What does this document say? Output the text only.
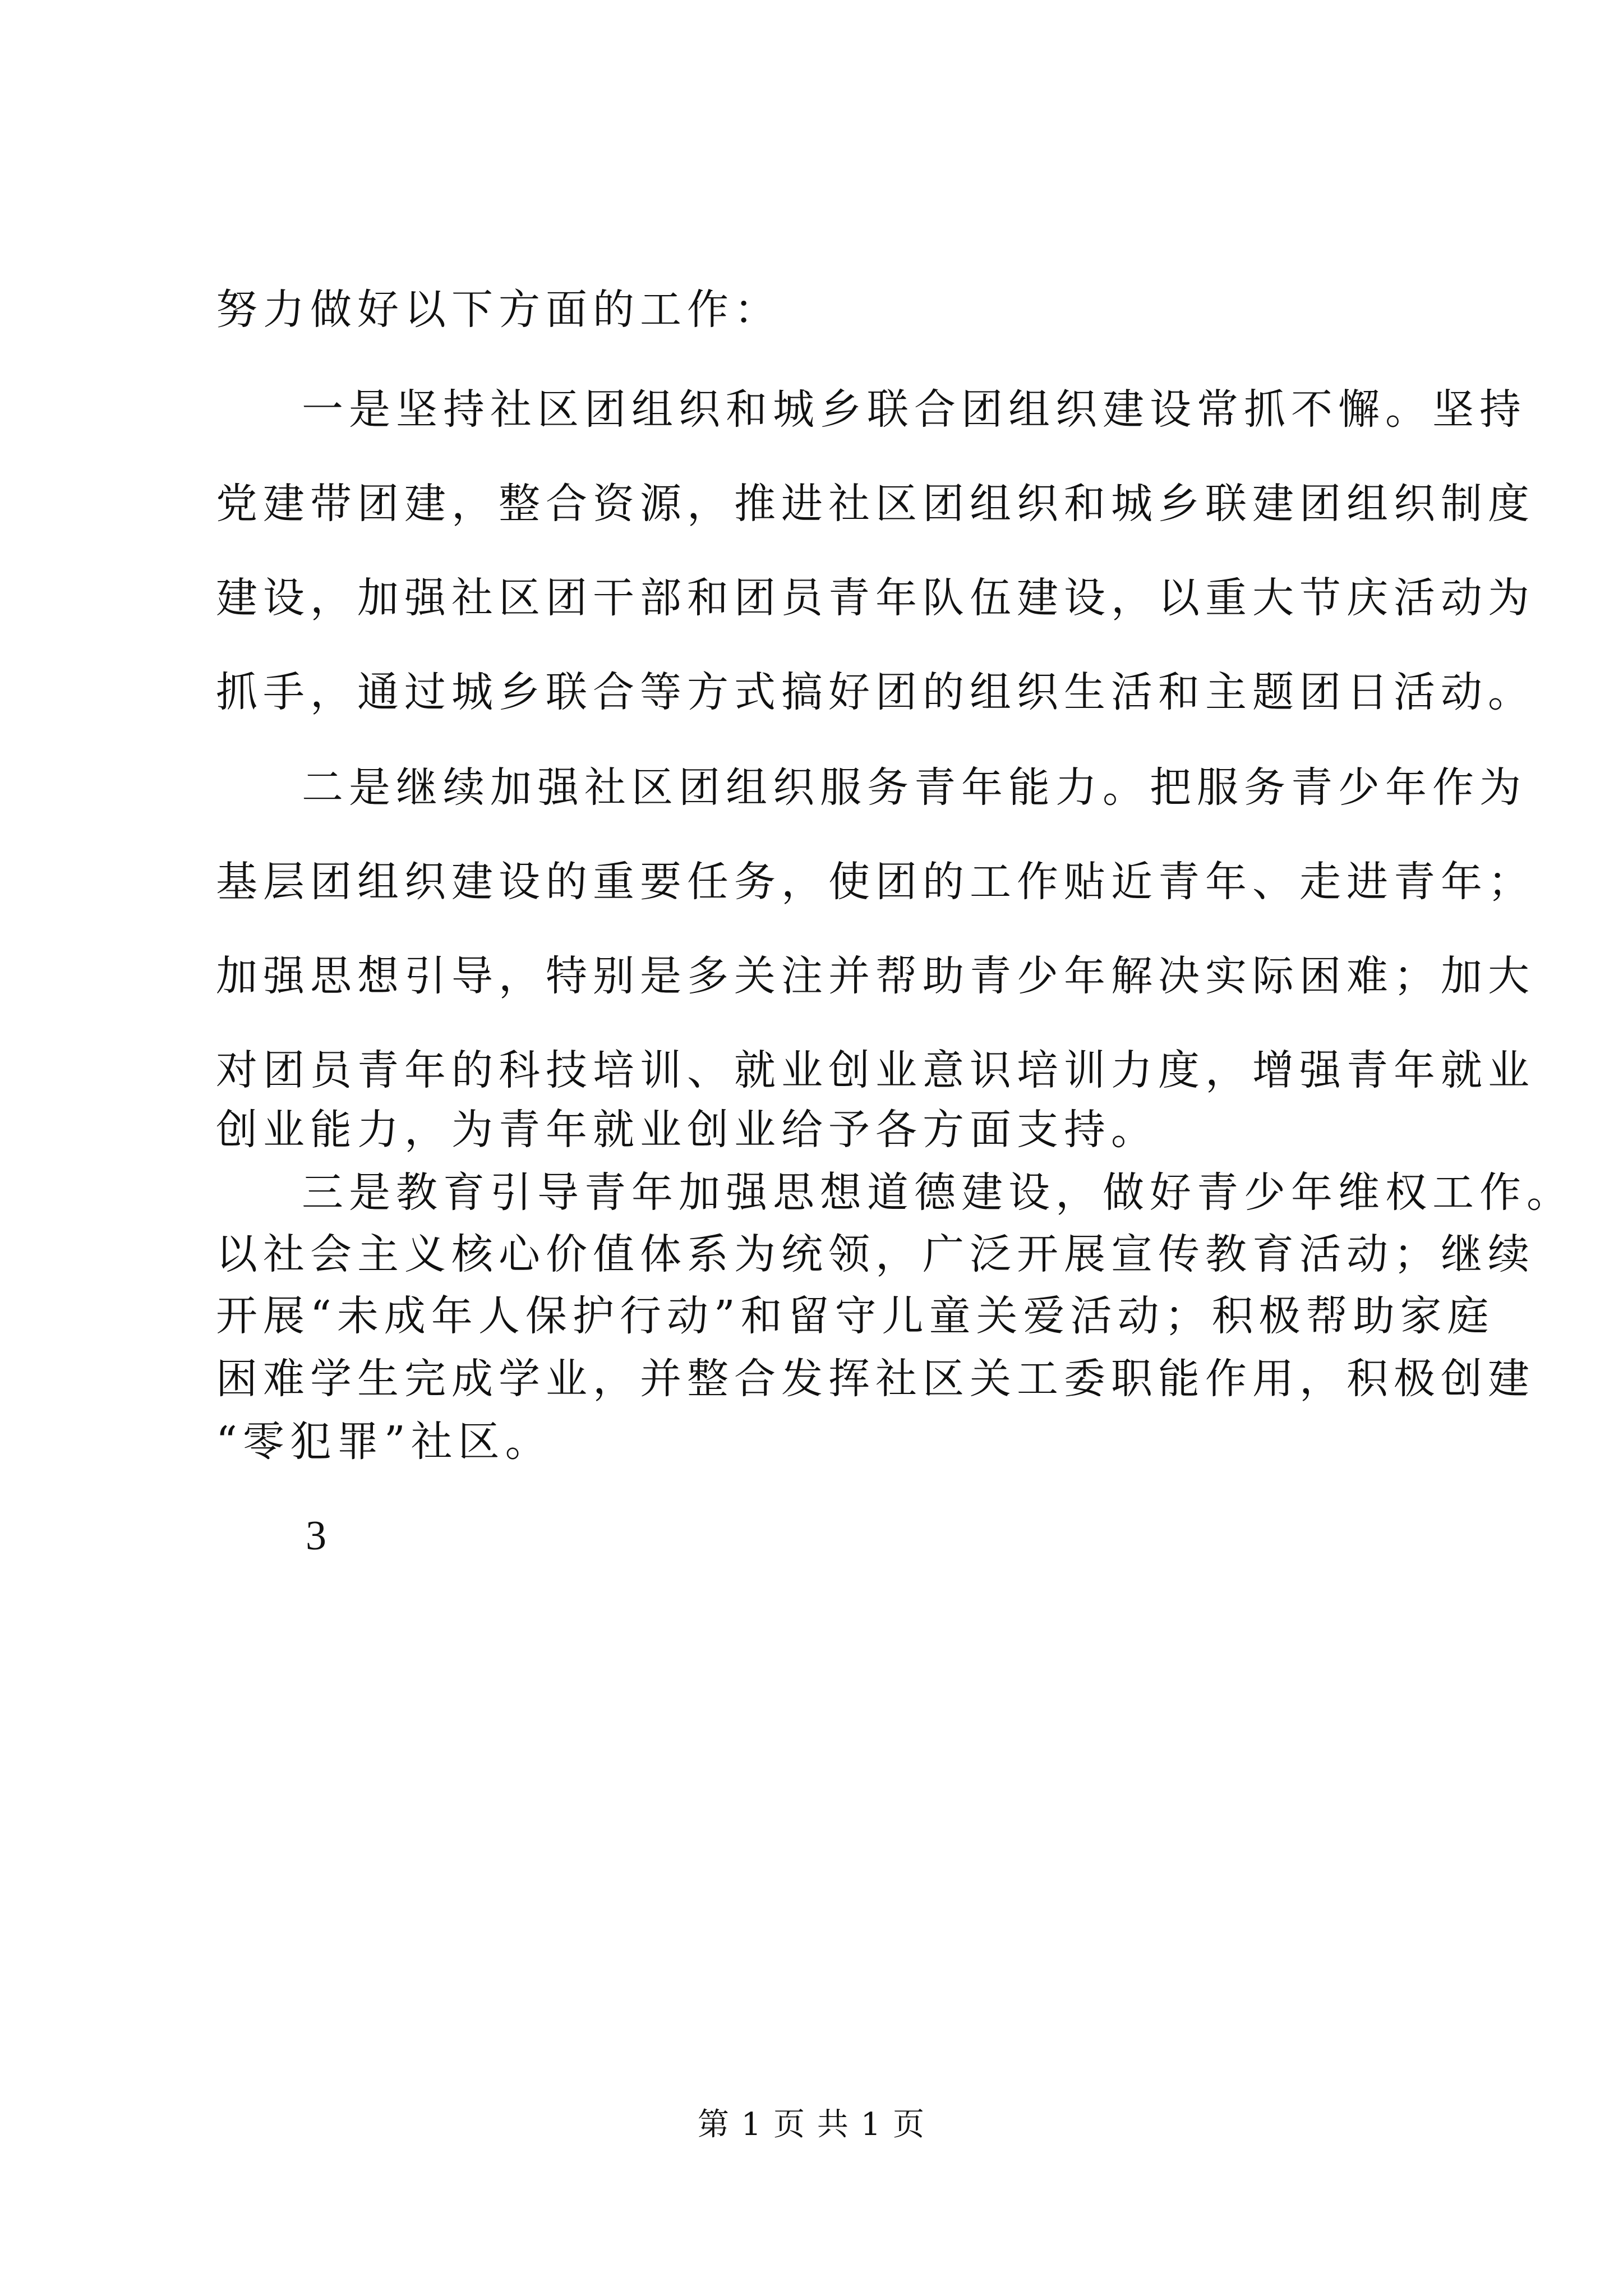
努力做好以下方面的工作：
一是坚持社区团组织和城乡联合团组织建设常抓不懈。坚持
党建带团建，整合资源，推进社区团组织和城乡联建团组织制度
建设，加强社区团干部和团员青年队伍建设，以重大节庆活动为
抓手，通过城乡联合等方式搞好团的组织生活和主题团日活动。
二是继续加强社区团组织服务青年能力。把服务青少年作为
基层团组织建设的重要任务，使团的工作贴近青年、走进青年；
加强思想引导，特别是多关注并帮助青少年解决实际困难；加大
对团员青年的科技培训、就业创业意识培训力度，增强青年就业
创业能力，为青年就业创业给予各方面支持。
三是教育引导青年加强思想道德建设，做好青少年维权工作。
以社会主义核心价值体系为统领，广泛开展宣传教育活动；继续
开展“未成年人保护行动”和留守儿童关爱活动；积极帮助家庭
困难学生完成学业，并整合发挥社区关工委职能作用，积极创建
“零犯罪”社区。
3
第 1 页 共 1 页
